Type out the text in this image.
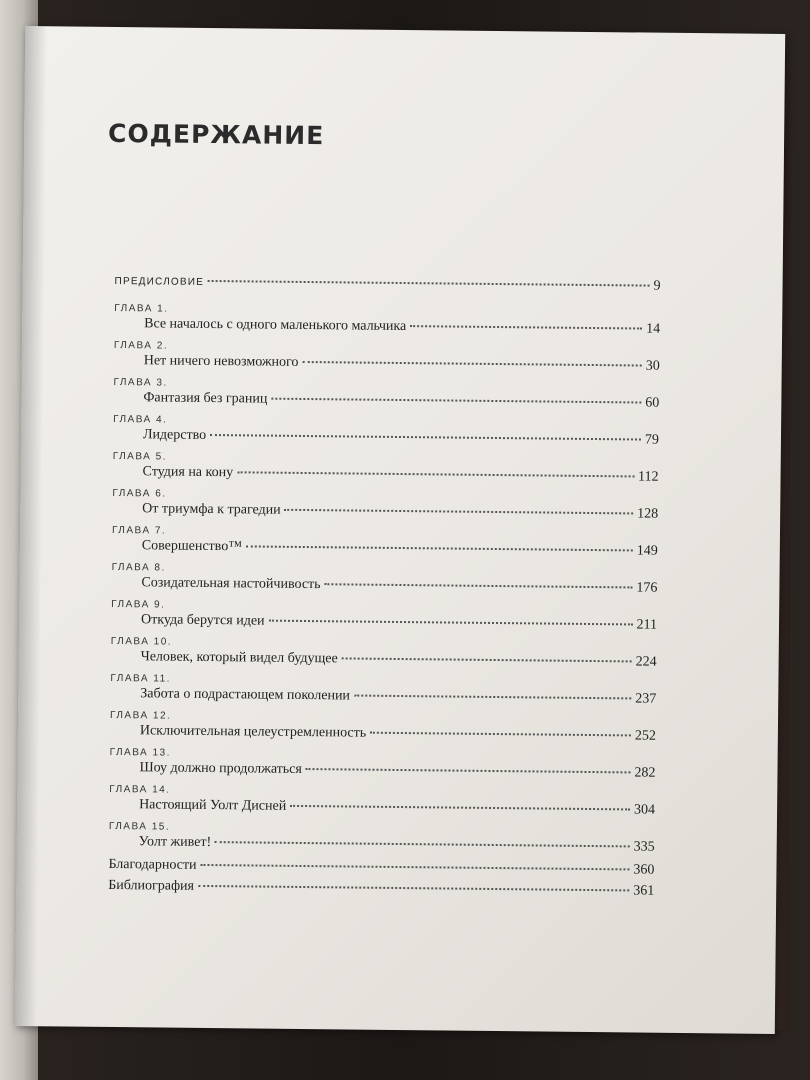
СОДЕРЖАНИЕ
ПРЕДИСЛОВИЕ	9
ГЛАВА 1.
Все началось с одного маленького мальчика	14
ГЛАВА 2.
Нет ничего невозможного	30
ГЛАВА 3.
Фантазия без границ	60
ГЛАВА 4.
Лидерство	79
ГЛАВА 5.
Студия на кону	112
ГЛАВА 6.
От триумфа к трагедии	128
ГЛАВА 7.
Совершенство™	149
ГЛАВА 8.
Созидательная настойчивость	176
ГЛАВА 9.
Откуда берутся идеи	211
ГЛАВА 10.
Человек, который видел будущее	224
ГЛАВА 11.
Забота о подрастающем поколении	237
ГЛАВА 12.
Исключительная целеустремленность	252
ГЛАВА 13.
Шоу должно продолжаться	282
ГЛАВА 14.
Настоящий Уолт Дисней	304
ГЛАВА 15.
Уолт живет!	335
Благодарности	360
Библиография	361
